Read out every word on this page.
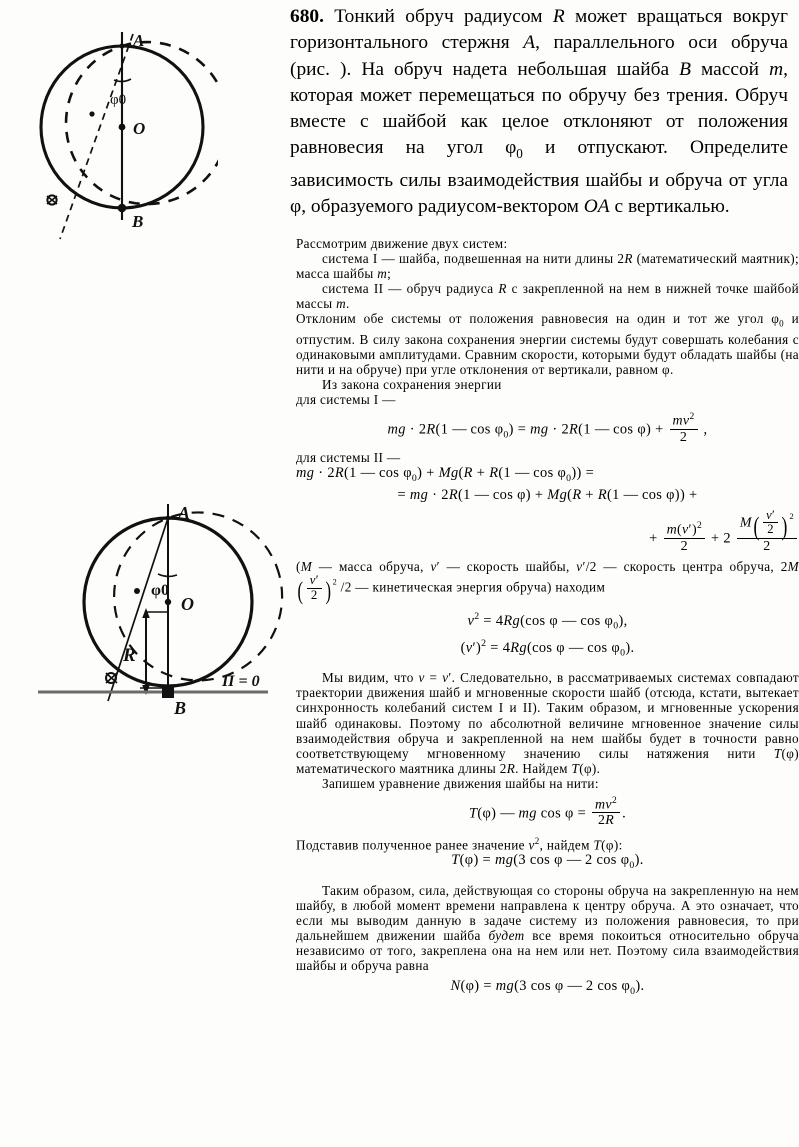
680. Тонкий обруч радиусом R может вращаться вокруг горизонтального стержня A, параллельного оси обруча (рис. ). На обруч надета небольшая шайба B массой m, которая может перемещаться по обручу без трения. Обруч вместе с шайбой как целое отклоняют от положения равновесия на угол $\varphi_0$ и отпускают. Определите зависимость силы взаимодействия шайбы и обруча от угла φ, образуемого радиусом-вектором OA с вертикалью.
A
O
B
φ0
A
O
B
φ0
R
П = 0

Рассмотрим движение двух систем:

система I — шайба, подвешенная на нити длины 2R (математический маятник); масса шайбы m;

система II — обруч радиуса R с закрепленной на нем в нижней точке шайбой массы m.

Отклоним обе системы от положения равновесия на один и тот же угол $\varphi_0$ и отпустим. В силу закона сохранения энергии системы будут совершать колебания с одинаковыми амплитудами. Сравним скорости, которыми будут обладать шайбы (на нити и на обруче) при угле отклонения от вертикали, равном φ.

Из закона сохранения энергии

для системы I —

mg · 2R(1 — $\cos \varphi_0$) = mg · 2R(1 — $\cos \varphi) + \frac{mv^2}{2}$ ,

для системы II —

mg · 2R(1 — $\cos \varphi_0) + Mg(R + R(1$ — $\cos \varphi_0$)) =
= mg · 2R(1 — cos φ) + Mg(R + R(1 — cos φ)) +
+ $\frac{m(v')^2}{2} + 2 \frac{M( \frac{v'}{2} ) ^2}{2}$

(M — масса обруча, v′ — скорость шайбы, v′/2 — скорость центра обруча, 2M ( $\frac{v'}{2} )^2$ /2 — кинетическая энергия обруча) находим

$v^2 = 4Rg(\cos$ φ — $\cos \varphi_0$),
$(v')^2 = 4Rg(\cos$ φ — $\cos \varphi_0$).

Мы видим, что v = v′. Следовательно, в рассматриваемых системах совпадают траектории движения шайб и мгновенные скорости шайб (отсюда, кстати, вытекает синхронность колебаний систем I и II). Таким образом, и мгновенные ускорения шайб одинаковы. Поэтому по абсолютной величине мгновенное значение силы взаимодействия обруча и закрепленной на нем шайбы будет в точности равно соответствующему мгновенному значению силы натяжения нити T(φ) математического маятника длины 2R. Найдем T(φ).

Запишем уравнение движения шайбы на нити:

T(φ) — mg $\cos \varphi = \frac{mv^2}{2R}$ .

Подставив полученное ранее значение $v^2$, найдем T(φ):

T(φ) = mg(3 cos φ — 2 $\cos \varphi_0$).

Таким образом, сила, действующая со стороны обруча на закрепленную на нем шайбу, в любой момент времени направлена к центру обруча. А это означает, что если мы выводим данную в задаче систему из положения равновесия, то при дальнейшем движении шайба будет все время покоиться относительно обруча независимо от того, закреплена она на нем или нет. Поэтому сила взаимодействия шайбы и обруча равна

N(φ) = mg(3 cos φ — 2 $\cos \varphi_0$).
